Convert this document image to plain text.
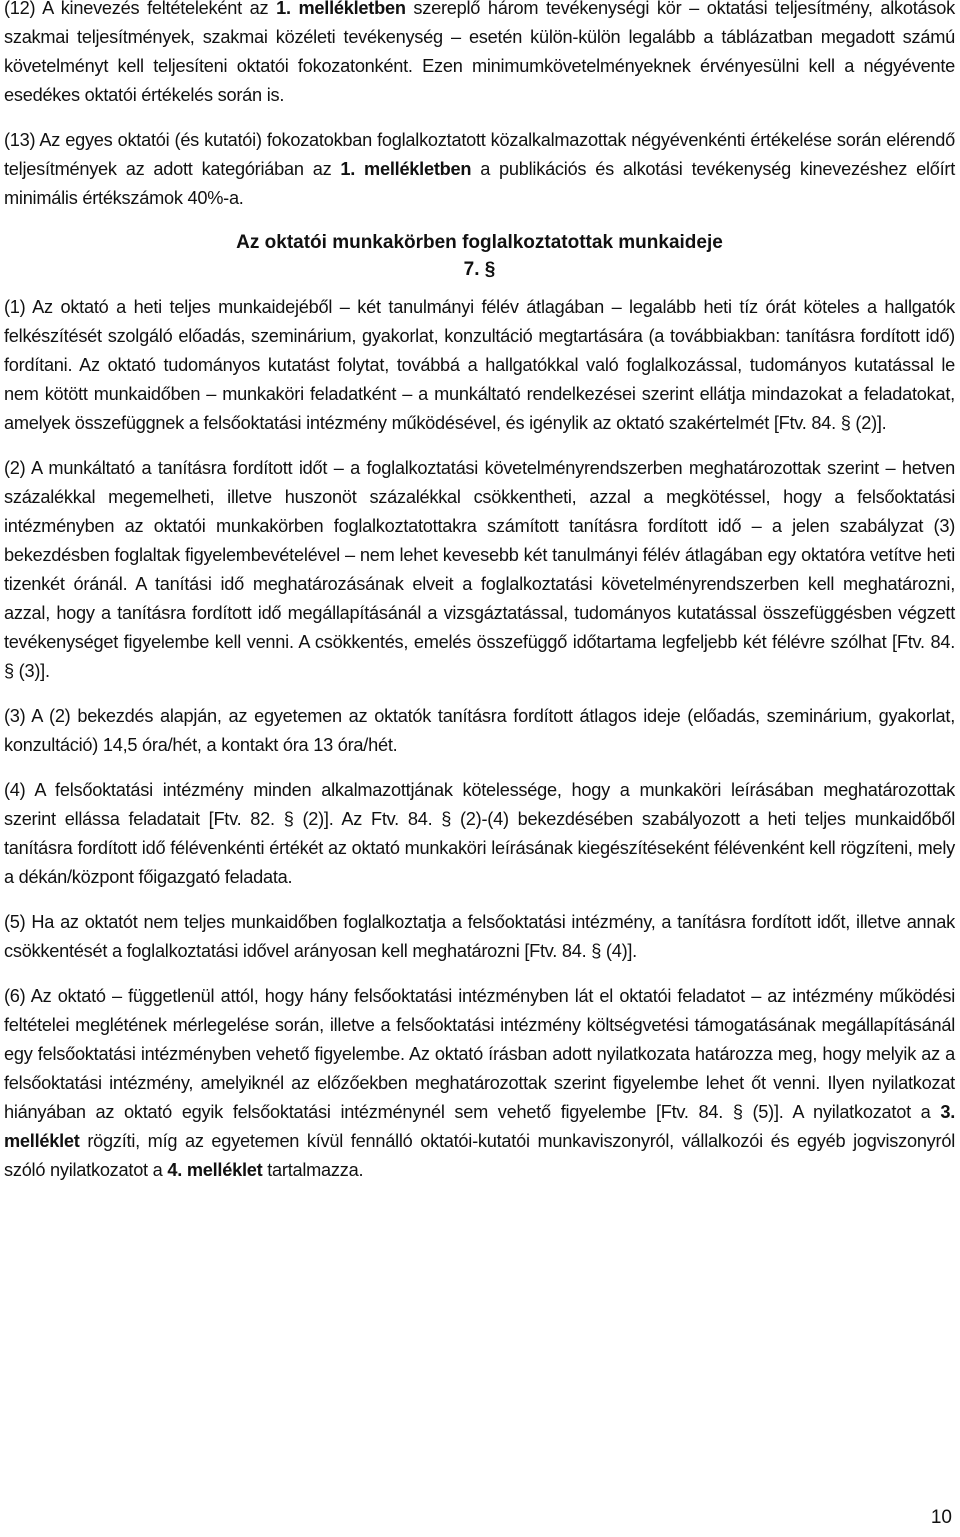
(12) A kinevezés feltételeként az 1. mellékletben szereplő három tevékenységi kör – oktatási teljesítmény, alkotások szakmai teljesítmények, szakmai közéleti tevékenység – esetén külön-külön legalább a táblázatban megadott számú követelményt kell teljesíteni oktatói fokozatonként. Ezen minimumkövetelményeknek érvényesülni kell a négyévente esedékes oktatói értékelés során is.

(13) Az egyes oktatói (és kutatói) fokozatokban foglalkoztatott közalkalmazottak négyévenkénti értékelése során elérendő teljesítmények az adott kategóriában az 1. mellékletben a publikációs és alkotási tevékenység kinevezéshez előírt minimális értékszámok 40%-a.

Az oktatói munkakörben foglalkoztatottak munkaideje
7. §

(1) Az oktató a heti teljes munkaidejéből – két tanulmányi félév átlagában – legalább heti tíz órát köteles a hallgatók felkészítését szolgáló előadás, szeminárium, gyakorlat, konzultáció megtartására (a továbbiakban: tanításra fordított idő) fordítani. Az oktató tudományos kutatást folytat, továbbá a hallgatókkal való foglalkozással, tudományos kutatással le nem kötött munkaidőben – munkaköri feladatként – a munkáltató rendelkezései szerint ellátja mindazokat a feladatokat, amelyek összefüggnek a felsőoktatási intézmény működésével, és igénylik az oktató szakértelmét [Ftv. 84. § (2)].

(2) A munkáltató a tanításra fordított időt – a foglalkoztatási követelményrendszerben meghatározottak szerint – hetven százalékkal megemelheti, illetve huszonöt százalékkal csökkentheti, azzal a megkötéssel, hogy a felsőoktatási intézményben az oktatói munkakörben foglalkoztatottakra számított tanításra fordított idő – a jelen szabályzat (3) bekezdésben foglaltak figyelembevételével – nem lehet kevesebb két tanulmányi félév átlagában egy oktatóra vetítve heti tizenkét óránál. A tanítási idő meghatározásának elveit a foglalkoztatási követelményrendszerben kell meghatározni, azzal, hogy a tanításra fordított idő megállapításánál a vizsgáztatással, tudományos kutatással összefüggésben végzett tevékenységet figyelembe kell venni. A csökkentés, emelés összefüggő időtartama legfeljebb két félévre szólhat [Ftv. 84. § (3)].

(3) A (2) bekezdés alapján, az egyetemen az oktatók tanításra fordított átlagos ideje (előadás, szeminárium, gyakorlat, konzultáció) 14,5 óra/hét, a kontakt óra 13 óra/hét.

(4) A felsőoktatási intézmény minden alkalmazottjának kötelessége, hogy a munkaköri leírásában meghatározottak szerint ellássa feladatait [Ftv. 82. § (2)]. Az Ftv. 84. § (2)-(4) bekezdésében szabályozott a heti teljes munkaidőből tanításra fordított idő félévenkénti értékét az oktató munkaköri leírásának kiegészítéseként félévenként kell rögzíteni, mely a dékán/központ főigazgató feladata.

(5) Ha az oktatót nem teljes munkaidőben foglalkoztatja a felsőoktatási intézmény, a tanításra fordított időt, illetve annak csökkentését a foglalkoztatási idővel arányosan kell meghatározni [Ftv. 84. § (4)].

(6) Az oktató – függetlenül attól, hogy hány felsőoktatási intézményben lát el oktatói feladatot – az intézmény működési feltételei meglétének mérlegelése során, illetve a felsőoktatási intézmény költségvetési támogatásának megállapításánál egy felsőoktatási intézményben vehető figyelembe. Az oktató írásban adott nyilatkozata határozza meg, hogy melyik az a felsőoktatási intézmény, amelyiknél az előzőekben meghatározottak szerint figyelembe lehet őt venni. Ilyen nyilatkozat hiányában az oktató egyik felsőoktatási intézménynél sem vehető figyelembe [Ftv. 84. § (5)]. A nyilatkozatot a 3. melléklet rögzíti, míg az egyetemen kívül fennálló oktatói-kutatói munkaviszonyról, vállalkozói és egyéb jogviszonyról szóló nyilatkozatot a 4. melléklet tartalmazza.

10
